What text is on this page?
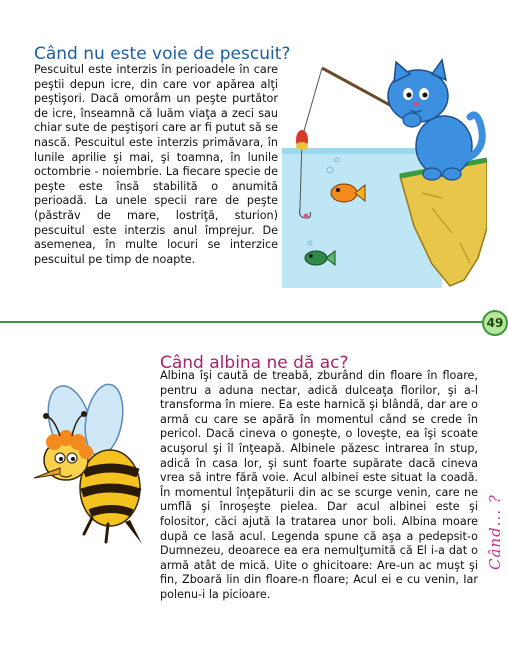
Când nu este voie de pescuit?

Pescuitul este interzis în perioadele în care peştii depun icre, din care vor apărea alţi peştişori. Dacă omorâm un peşte purtător de icre, înseamnă că luăm viaţa a zeci sau chiar sute de peştişori care ar fi putut să se nască. Pescuitul este interzis primăvara, în lunile aprilie şi mai, şi toamna, în lunile octombrie - noiembrie. La fiecare specie de peşte este însă stabilită o anumită perioadă. La unele specii rare de peşte (păstrăv de mare, lostriţă, sturion) pescuitul este interzis anul împrejur. De asemenea, în multe locuri se interzice pescuitul pe timp de noapte.

49
Când albina ne dă ac?

Albina îşi caută de treabă, zburând din floare în floare, pentru a aduna nectar, adică dulceaţa florilor, şi a-l transforma în miere. Ea este harnică şi blândă, dar are o armă cu care se apără în momentul când se crede în pericol. Dacă cineva o goneşte, o loveşte, ea îşi scoate acuşorul şi îl înţeapă. Albinele păzesc intrarea în stup, adică în casa lor, şi sunt foarte supărate dacă cineva vrea să intre fără voie. Acul albinei este situat la coadă. În momentul înţepăturii din ac se scurge venin, care ne umflă şi înroşeşte pielea. Dar acul albinei este şi folositor, căci ajută la tratarea unor boli. Albina moare după ce lasă acul. Legenda spune că aşa a pedepsit-o Dumnezeu, deoarece ea era nemulţumită că El i-a dat o armă atât de mică. Uite o ghicitoare: Are-un ac muşt şi fin, Zboară lin din floare-n floare; Acul ei e cu venin, Iar polenu-i la picioare.

Când... ?
